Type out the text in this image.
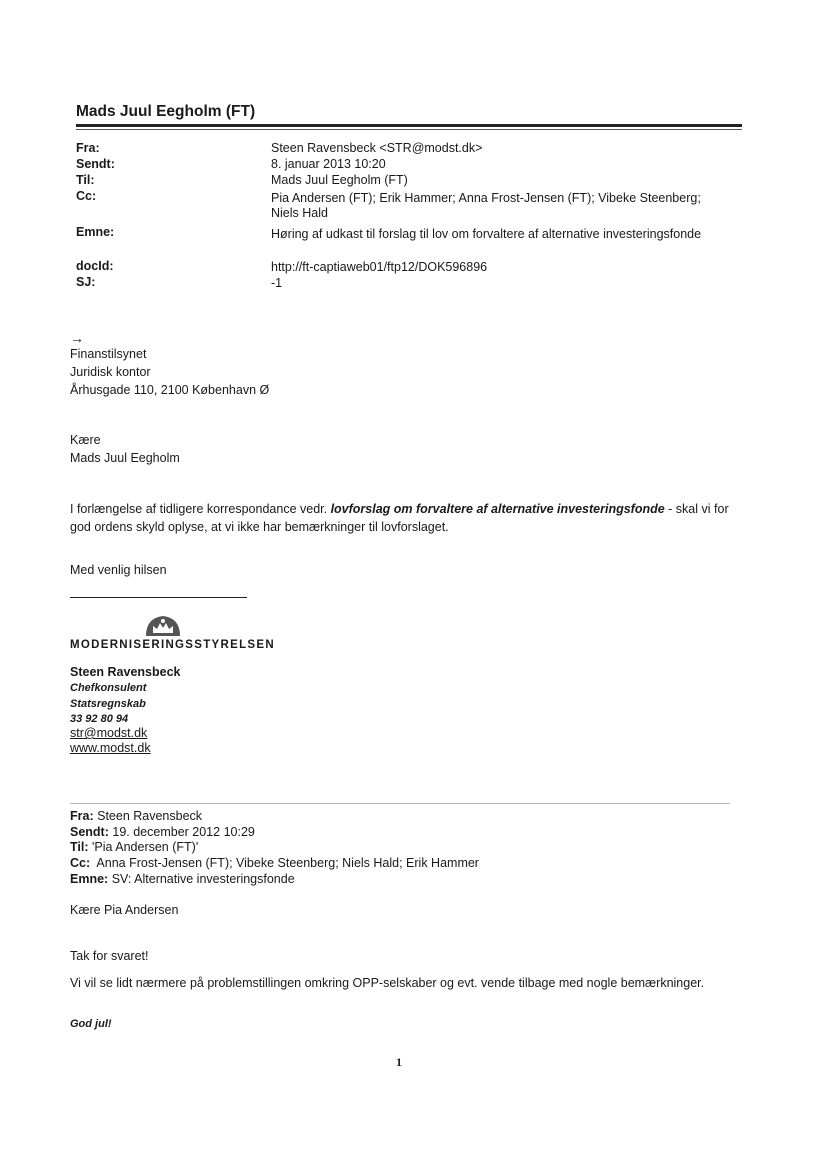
Mads Juul Eegholm (FT)
Fra:	Steen Ravensbeck <STR@modst.dk>
Sendt:	8. januar 2013 10:20
Til:	Mads Juul Eegholm (FT)
Cc:	Pia Andersen (FT); Erik Hammer; Anna Frost-Jensen (FT); Vibeke Steenberg; Niels Hald
Emne:	Høring af udkast til forslag til lov om forvaltere af alternative investeringsfonde
docId:	http://ft-captiaweb01/ftp12/DOK596896
SJ:	-1
→
Finanstilsynet
Juridisk kontor
Århusgade 110, 2100 København Ø
Kære
Mads Juul Eegholm
I forlængelse af tidligere korrespondance vedr. lovforslag om forvaltere af alternative investeringsfonde - skal vi for god ordens skyld oplyse, at vi ikke har bemærkninger til lovforslaget.
Med venlig hilsen
MODERNISERINGSSTYRELSEN
Steen Ravensbeck
Chefkonsulent
Statsregnskab
33 92 80 94
str@modst.dk
www.modst.dk
Fra: Steen Ravensbeck
Sendt: 19. december 2012 10:29
Til: 'Pia Andersen (FT)'
Cc: Anna Frost-Jensen (FT); Vibeke Steenberg; Niels Hald; Erik Hammer
Emne: SV: Alternative investeringsfonde
Kære Pia Andersen
Tak for svaret!
Vi vil se lidt nærmere på problemstillingen omkring OPP-selskaber og evt. vende tilbage med nogle bemærkninger.
God jul!
1
